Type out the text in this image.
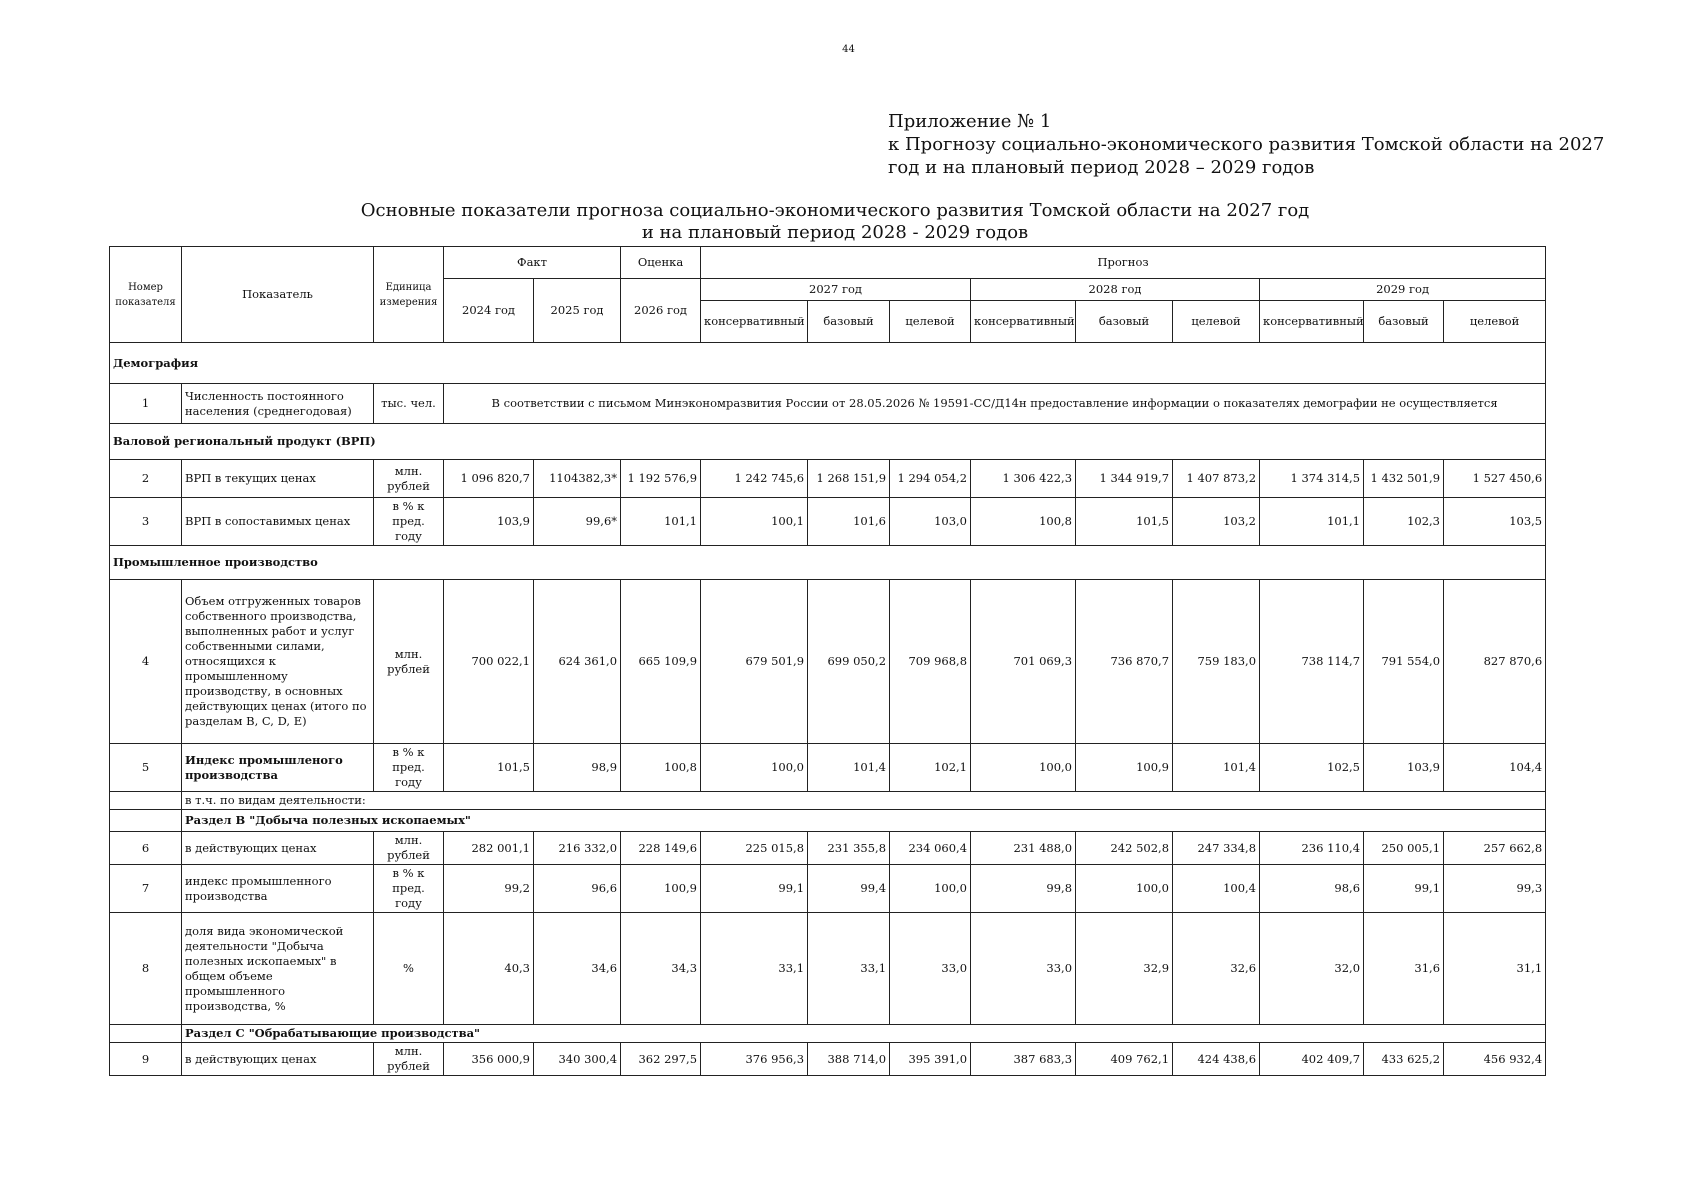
44
Приложение № 1
к Прогнозу социально-экономического развития Томской области на 2027
год и на плановый период 2028 – 2029 годов
Основные показатели прогноза социально-экономического развития Томской области на 2027 год
и на плановый период 2028 - 2029 годов
Номер показателя	Показатель	Единица измерения	Факт		Оценка	Прогноз								
			2024 год	2025 год	2026 год	2027 год			2028 год			2029 год		
						консервативный	базовый	целевой	консервативный	базовый	целевой	консервативный	базовый	целевой
Демография														
1	Численность постоянного населения (среднегодовая)	тыс. чел.	В соответствии с письмом Минэкономразвития России от 28.05.2026 № 19591-СС/Д14н предоставление информации о показателях демографии не осуществляется											
Валовой региональный продукт (ВРП)														
2	ВРП в текущих ценах	млн. рублей	1 096 820,7	1104382,3*	1 192 576,9	1 242 745,6	1 268 151,9	1 294 054,2	1 306 422,3	1 344 919,7	1 407 873,2	1 374 314,5	1 432 501,9	1 527 450,6
3	ВРП в сопоставимых ценах	в % к пред. году	103,9	99,6*	101,1	100,1	101,6	103,0	100,8	101,5	103,2	101,1	102,3	103,5
Промышленное производство														
4	Объем отгруженных товаров собственного производства, выполненных работ и услуг собственными силами, относящихся к промышленному производству, в основных действующих ценах (итого по разделам B, C, D, E)	млн. рублей	700 022,1	624 361,0	665 109,9	679 501,9	699 050,2	709 968,8	701 069,3	736 870,7	759 183,0	738 114,7	791 554,0	827 870,6
5	Индекс промышленого производства	в % к пред. году	101,5	98,9	100,8	100,0	101,4	102,1	100,0	100,9	101,4	102,5	103,9	104,4
	в т.ч. по видам деятельности:													
	Раздел B "Добыча полезных ископаемых"													
6	в действующих ценах	млн. рублей	282 001,1	216 332,0	228 149,6	225 015,8	231 355,8	234 060,4	231 488,0	242 502,8	247 334,8	236 110,4	250 005,1	257 662,8
7	индекс промышленного производства	в % к пред. году	99,2	96,6	100,9	99,1	99,4	100,0	99,8	100,0	100,4	98,6	99,1	99,3
8	доля вида экономической деятельности "Добыча полезных ископаемых" в общем объеме промышленного производства, %	%	40,3	34,6	34,3	33,1	33,1	33,0	33,0	32,9	32,6	32,0	31,6	31,1
	Раздел C "Обрабатывающие производства"													
9	в действующих ценах	млн. рублей	356 000,9	340 300,4	362 297,5	376 956,3	388 714,0	395 391,0	387 683,3	409 762,1	424 438,6	402 409,7	433 625,2	456 932,4
